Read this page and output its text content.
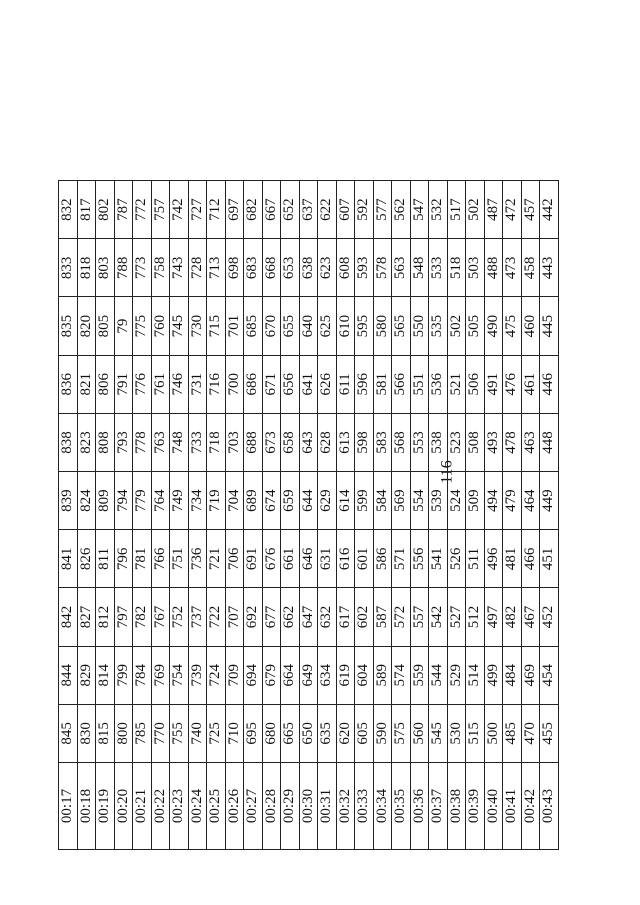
116
00:17	845	844	842	841	839	838	836	835	833	832
00:18	830	829	827	826	824	823	821	820	818	817
00:19	815	814	812	811	809	808	806	805	803	802
00:20	800	799	797	796	794	793	791	79	788	787
00:21	785	784	782	781	779	778	776	775	773	772
00:22	770	769	767	766	764	763	761	760	758	757
00:23	755	754	752	751	749	748	746	745	743	742
00:24	740	739	737	736	734	733	731	730	728	727
00:25	725	724	722	721	719	718	716	715	713	712
00:26	710	709	707	706	704	703	700	701	698	697
00:27	695	694	692	691	689	688	686	685	683	682
00:28	680	679	677	676	674	673	671	670	668	667
00:29	665	664	662	661	659	658	656	655	653	652
00:30	650	649	647	646	644	643	641	640	638	637
00:31	635	634	632	631	629	628	626	625	623	622
00:32	620	619	617	616	614	613	611	610	608	607
00:33	605	604	602	601	599	598	596	595	593	592
00:34	590	589	587	586	584	583	581	580	578	577
00:35	575	574	572	571	569	568	566	565	563	562
00:36	560	559	557	556	554	553	551	550	548	547
00:37	545	544	542	541	539	538	536	535	533	532
00:38	530	529	527	526	524	523	521	502	518	517
00:39	515	514	512	511	509	508	506	505	503	502
00:40	500	499	497	496	494	493	491	490	488	487
00:41	485	484	482	481	479	478	476	475	473	472
00:42	470	469	467	466	464	463	461	460	458	457
00:43	455	454	452	451	449	448	446	445	443	442
